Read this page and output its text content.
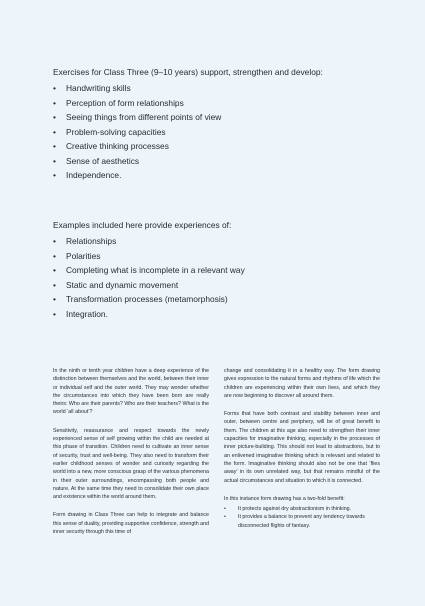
Exercises for Class Three (9–10 years) support, strengthen and develop:
• Handwriting skills
• Perception of form relationships
• Seeing things from different points of view
• Problem-solving capacities
• Creative thinking processes
• Sense of aesthetics
• Independence.
Examples included here provide experiences of:
• Relationships
• Polarities
• Completing what is incomplete in a relevant way
• Static and dynamic movement
• Transformation processes (metamorphosis)
• Integration.

In the ninth or tenth year children have a deep experience of the distinction between themselves and the world, between their inner or individual self and the outer world. They may wonder whether the circumstances into which they have been born are really theirs: Who are their parents? Who are their teachers? What is the world ‘all about’?

Sensitivity, reassurance and respect towards the newly experienced sense of self growing within the child are needed at this phase of transition. Children need to cultivate an inner sense of security, trust and well-being. They also need to transform their earlier childhood senses of wonder and curiosity regarding the world into a new, more conscious grasp of the various phenomena in their outer surroundings, encompassing both people and nature. At the same time they need to consolidate their own place and existence within the world around them.

Form drawing in Class Three can help to integrate and balance this sense of duality, providing supportive confidence, strength and inner security through this time of

change and consolidating it in a healthy way. The form drawing gives expression to the natural forms and rhythms of life which the children are experiencing within their own lives, and which they are now beginning to discover all around them.

Forms that have both contrast and stability between inner and outer, between centre and periphery, will be of great benefit to them. The children at this age also need to strengthen their inner capacities for imaginative thinking, especially in the processes of inner picture-building. This should not lead to abstractions, but to an enlivened imaginative thinking which is relevant and related to the form. Imaginative thinking should also not be one that ‘flies away’ in its own unrelated way, but that remains mindful of the actual circumstances and situation to which it is connected.

In this instance form drawing has a two-fold benefit:

• It protects against dry abstractionism in thinking.
• It provides a balance to prevent any tendency towards disconnected flights of fantasy.
